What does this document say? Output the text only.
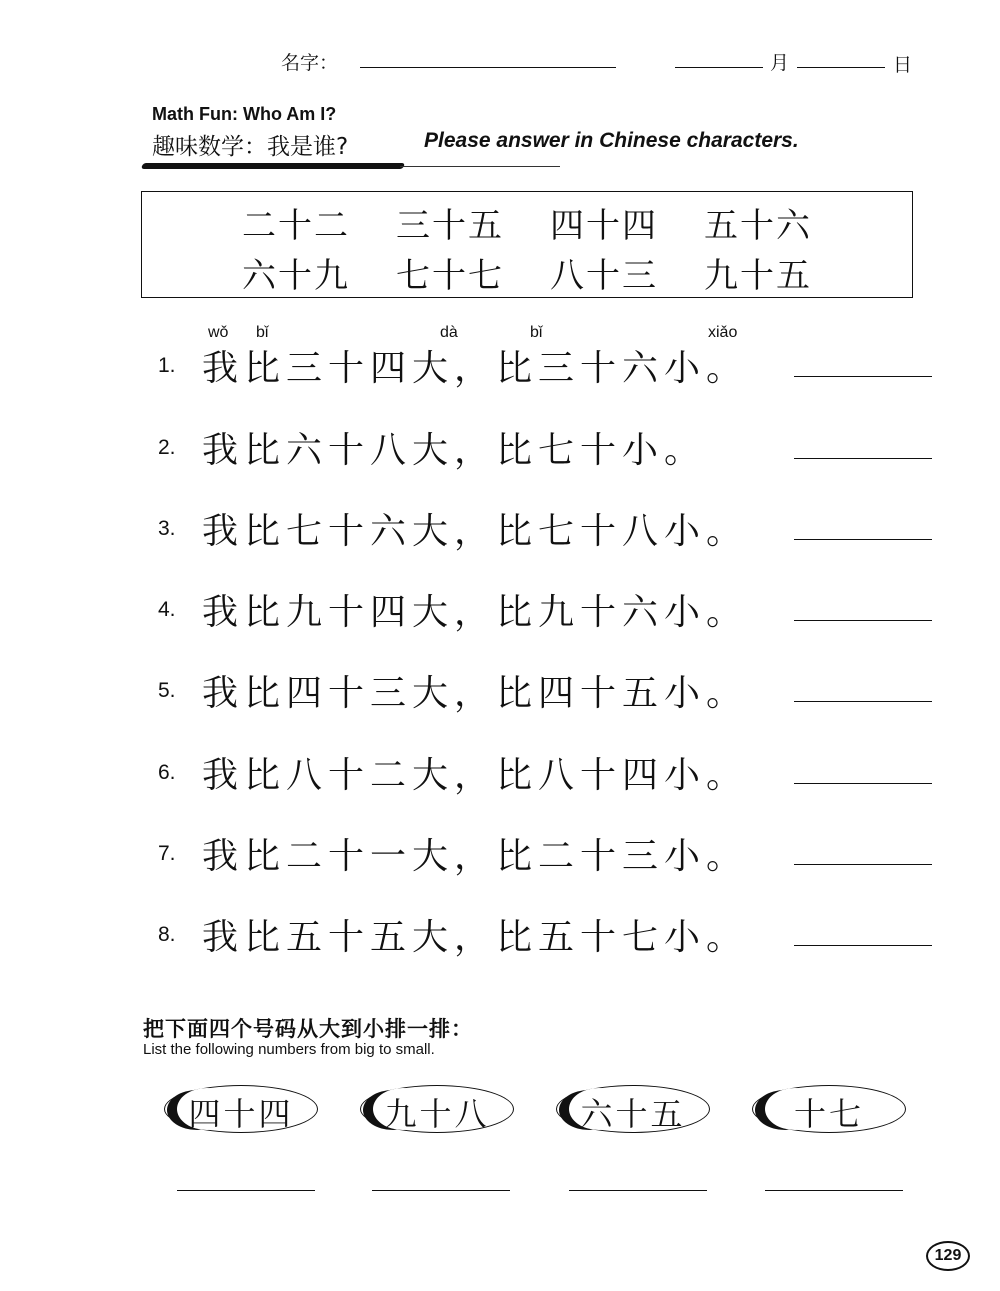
名字：	月	日
Math Fun: Who Am I?
趣味数学：我是谁?	Please answer in Chinese characters.
二十二 三十五 四十四 五十六
六十九 七十七 八十三 九十五
wǒ bǐ	dà	bǐ	xiǎo
1. 我比三十四大，比三十六小。
2. 我比六十八大，比七十小。
3. 我比七十六大，比七十八小。
4. 我比九十四大，比九十六小。
5. 我比四十三大，比四十五小。
6. 我比八十二大，比八十四小。
7. 我比二十一大，比二十三小。
8. 我比五十五大，比五十七小。
把下面四个号码从大到小排一排：
List the following numbers from big to small.
四十四	九十八	六十五	十七
129
